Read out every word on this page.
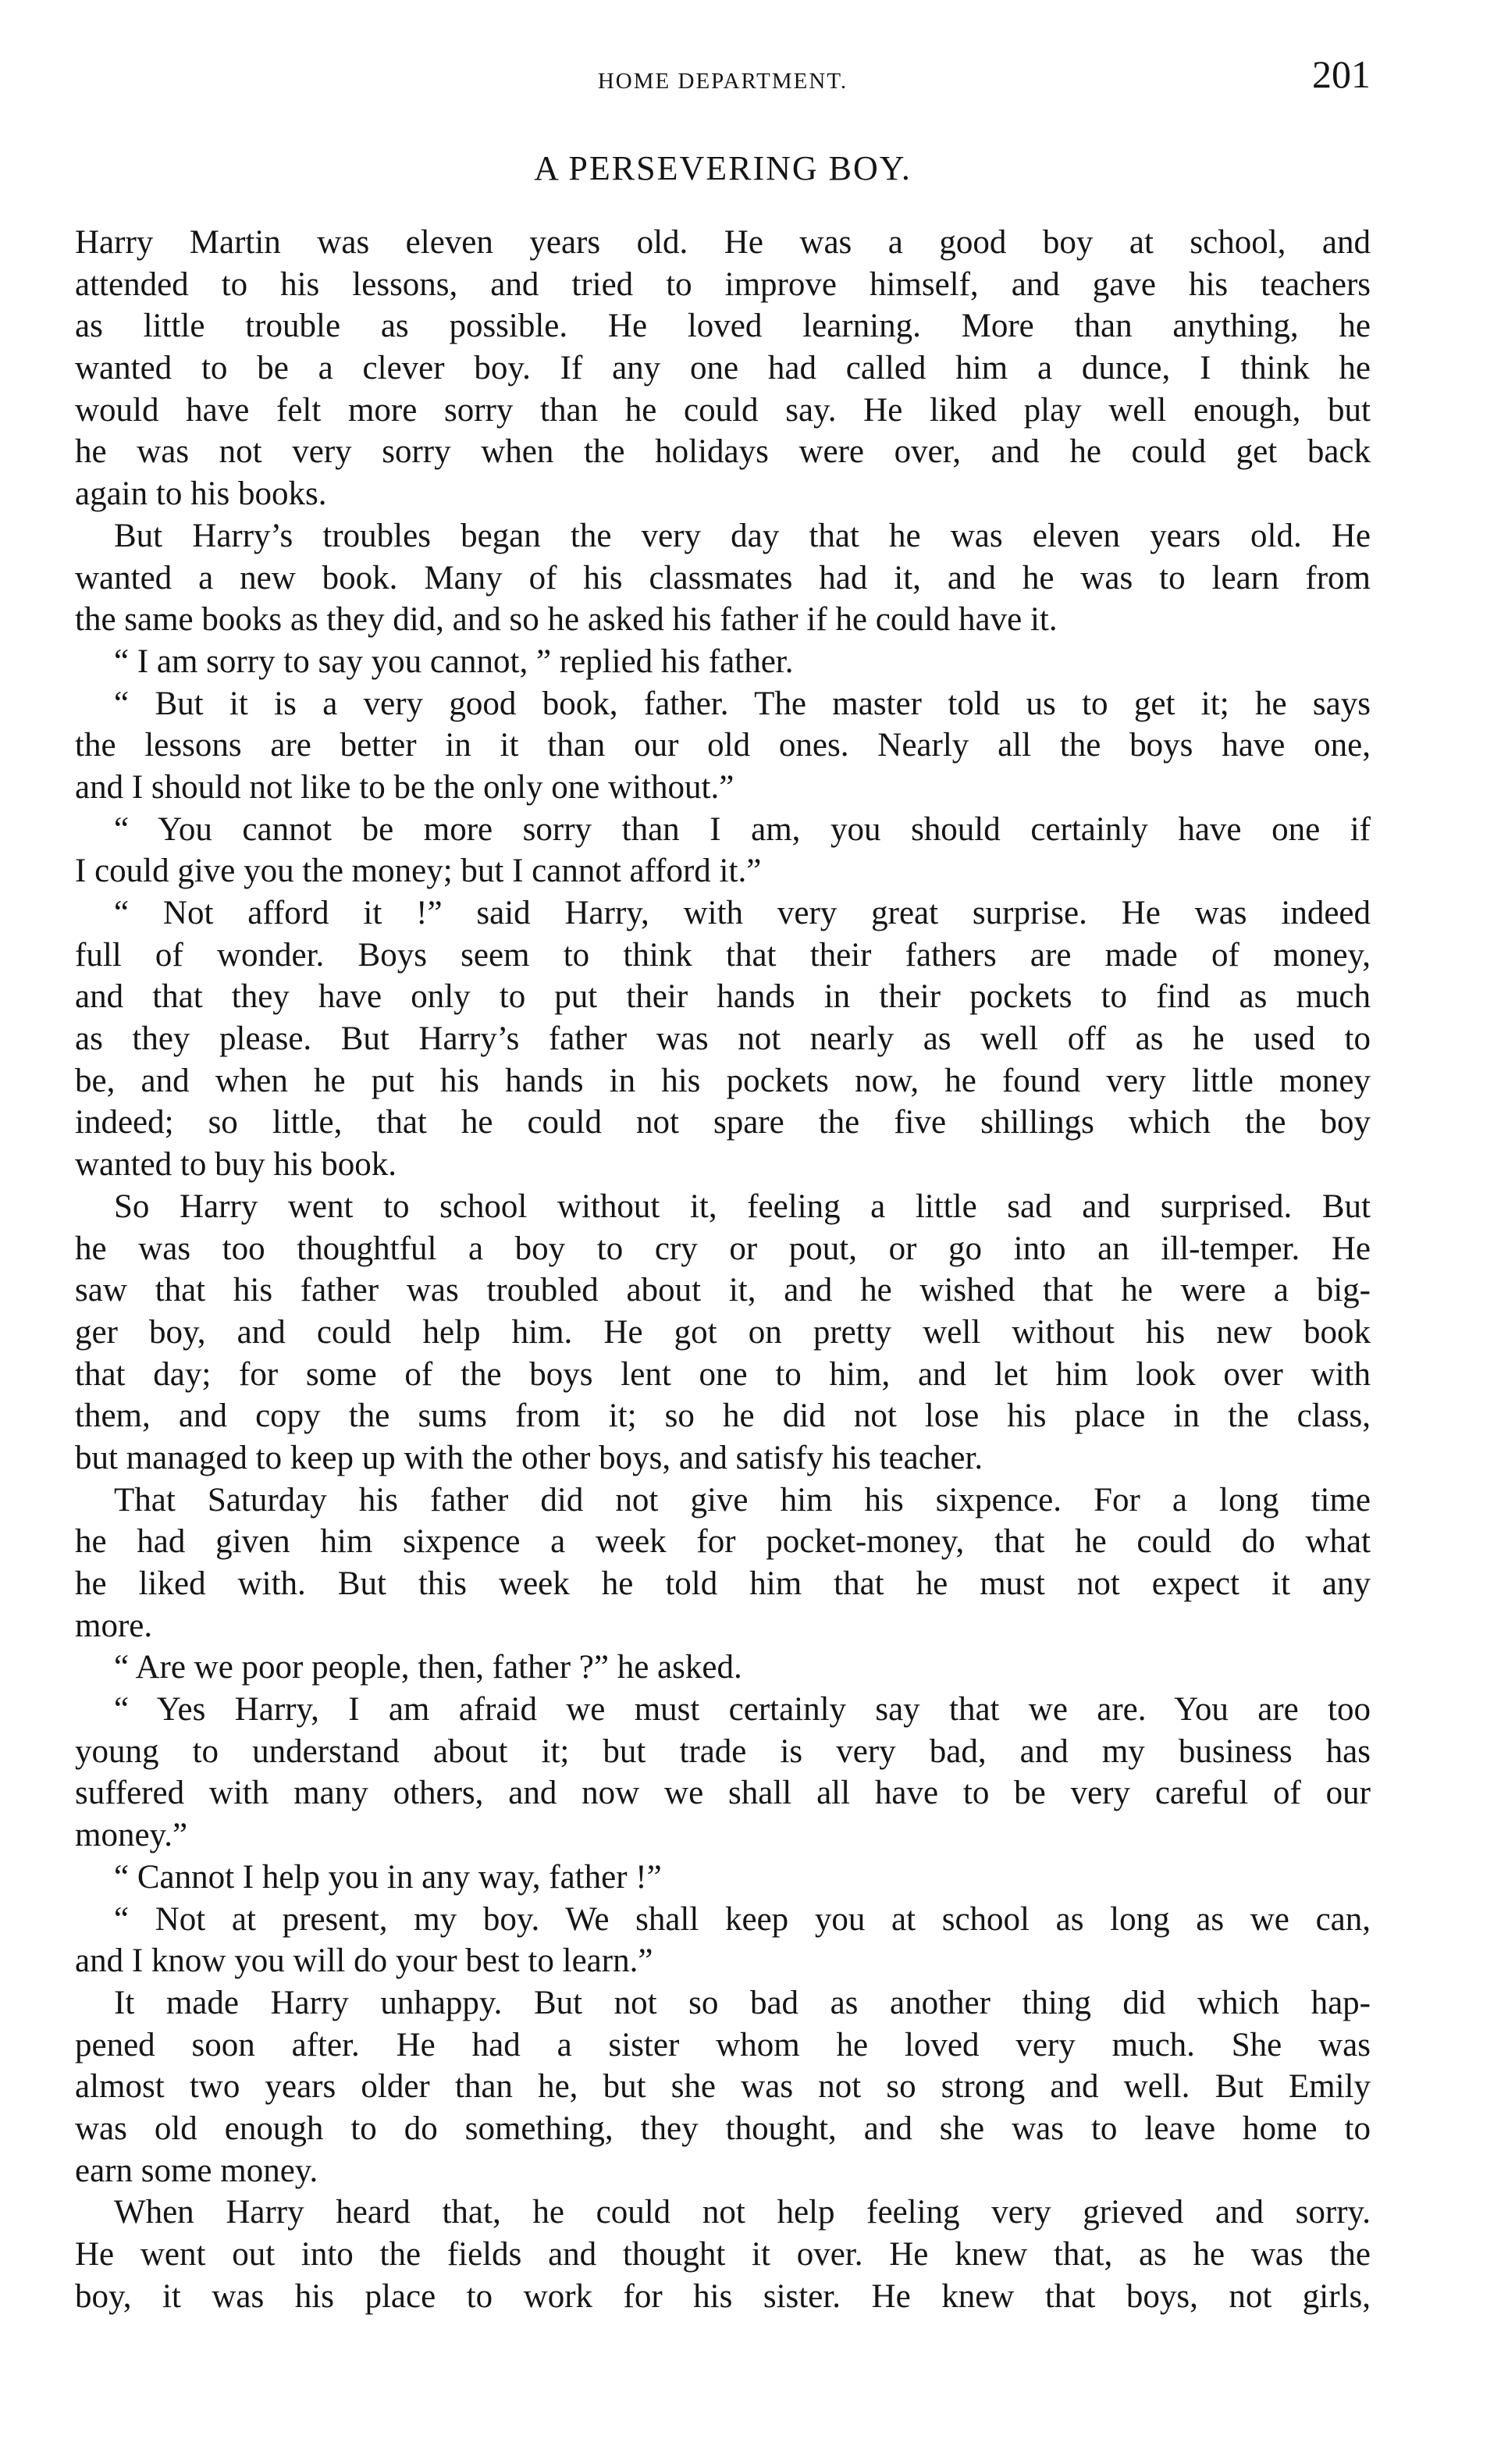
HOME DEPARTMENT.	201
A PERSEVERING BOY.
Harry Martin was eleven years old. He was a good boy at school, and
attended to his lessons, and tried to improve himself, and gave his teachers
as little trouble as possible. He loved learning. More than anything, he
wanted to be a clever boy. If any one had called him a dunce, I think he
would have felt more sorry than he could say. He liked play well enough, but
he was not very sorry when the holidays were over, and he could get back
again to his books.
But Harry’s troubles began the very day that he was eleven years old. He
wanted a new book. Many of his classmates had it, and he was to learn from
the same books as they did, and so he asked his father if he could have it.
“ I am sorry to say you cannot, ” replied his father.
“ But it is a very good book, father. The master told us to get it; he says
the lessons are better in it than our old ones. Nearly all the boys have one,
and I should not like to be the only one without.”
“ You cannot be more sorry than I am, you should certainly have one if
I could give you the money; but I cannot afford it.”
“ Not afford it !” said Harry, with very great surprise. He was indeed
full of wonder. Boys seem to think that their fathers are made of money,
and that they have only to put their hands in their pockets to find as much
as they please. But Harry’s father was not nearly as well off as he used to
be, and when he put his hands in his pockets now, he found very little money
indeed; so little, that he could not spare the five shillings which the boy
wanted to buy his book.
So Harry went to school without it, feeling a little sad and surprised. But
he was too thoughtful a boy to cry or pout, or go into an ill-temper. He
saw that his father was troubled about it, and he wished that he were a big-
ger boy, and could help him. He got on pretty well without his new book
that day; for some of the boys lent one to him, and let him look over with
them, and copy the sums from it; so he did not lose his place in the class,
but managed to keep up with the other boys, and satisfy his teacher.
That Saturday his father did not give him his sixpence. For a long time
he had given him sixpence a week for pocket-money, that he could do what
he liked with. But this week he told him that he must not expect it any
more.
“ Are we poor people, then, father ?” he asked.
“ Yes Harry, I am afraid we must certainly say that we are. You are too
young to understand about it; but trade is very bad, and my business has
suffered with many others, and now we shall all have to be very careful of our
money.”
“ Cannot I help you in any way, father !”
“ Not at present, my boy. We shall keep you at school as long as we can,
and I know you will do your best to learn.”
It made Harry unhappy. But not so bad as another thing did which hap-
pened soon after. He had a sister whom he loved very much. She was
almost two years older than he, but she was not so strong and well. But Emily
was old enough to do something, they thought, and she was to leave home to
earn some money.
When Harry heard that, he could not help feeling very grieved and sorry.
He went out into the fields and thought it over. He knew that, as he was the
boy, it was his place to work for his sister. He knew that boys, not girls,
